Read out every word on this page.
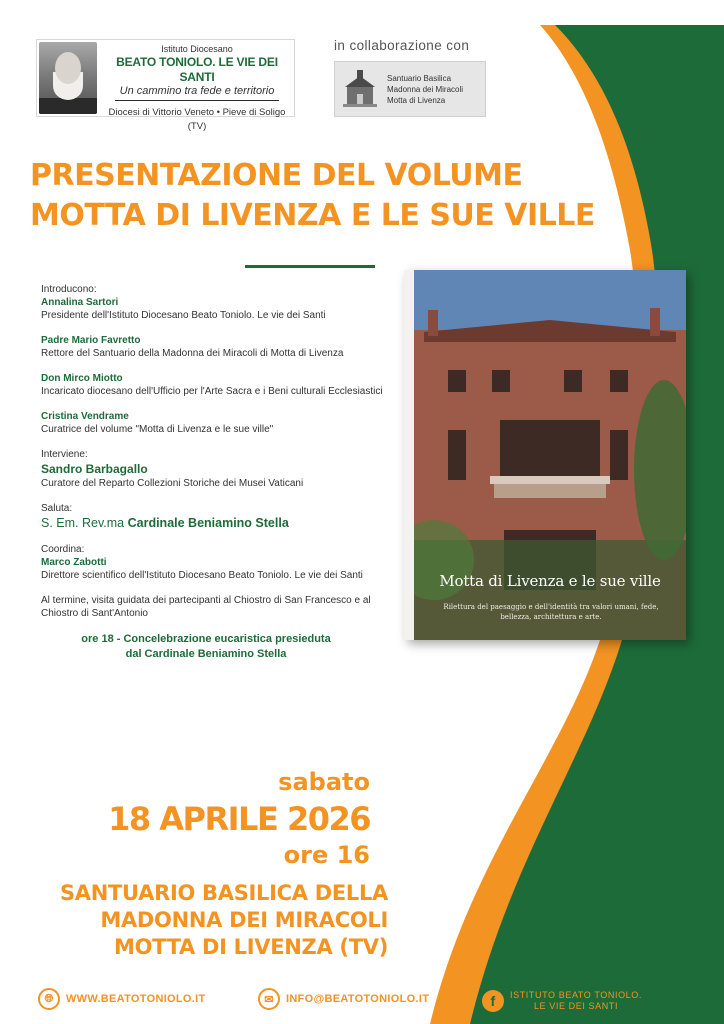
Istituto Diocesano
BEATO TONIOLO. LE VIE DEI SANTI
Un cammino tra fede e territorio
Diocesi di Vittorio Veneto • Pieve di Soligo (TV)
in collaborazione con
Santuario Basilica
Madonna dei Miracoli
Motta di Livenza
PRESENTAZIONE DEL VOLUME
MOTTA DI LIVENZA E LE SUE VILLE
Introducono:
Annalina Sartori
Presidente dell'Istituto Diocesano Beato Toniolo. Le vie dei Santi
Padre Mario Favretto
Rettore del Santuario della Madonna dei Miracoli di Motta di Livenza
Don Mirco Miotto
Incaricato diocesano dell'Ufficio per l'Arte Sacra e i Beni culturali Ecclesiastici
Cristina Vendrame
Curatrice del volume "Motta di Livenza e le sue ville"
Interviene:
Sandro Barbagallo
Curatore del Reparto Collezioni Storiche dei Musei Vaticani
Saluta:
S. Em. Rev.ma Cardinale Beniamino Stella
Coordina:
Marco Zabotti
Direttore scientifico dell'Istituto Diocesano Beato Toniolo. Le vie dei Santi
Al termine, visita guidata dei partecipanti al Chiostro di San Francesco e al Chiostro di Sant'Antonio
ore 18 - Concelebrazione eucaristica presieduta
dal Cardinale Beniamino Stella
Motta di Livenza e le sue ville
Rilettura del paesaggio e dell'identità tra valori umani, fede, bellezza, architettura e arte.
sabato
18 APRILE 2026
ore 16
SANTUARIO BASILICA DELLA
MADONNA DEI MIRACOLI
MOTTA DI LIVENZA (TV)
🌐︎	WWW.BEATOTONIOLO.IT	✉	INFO@BEATOTONIOLO.IT	f	ISTITUTO BEATO TONIOLO.
LE VIE DEI SANTI
